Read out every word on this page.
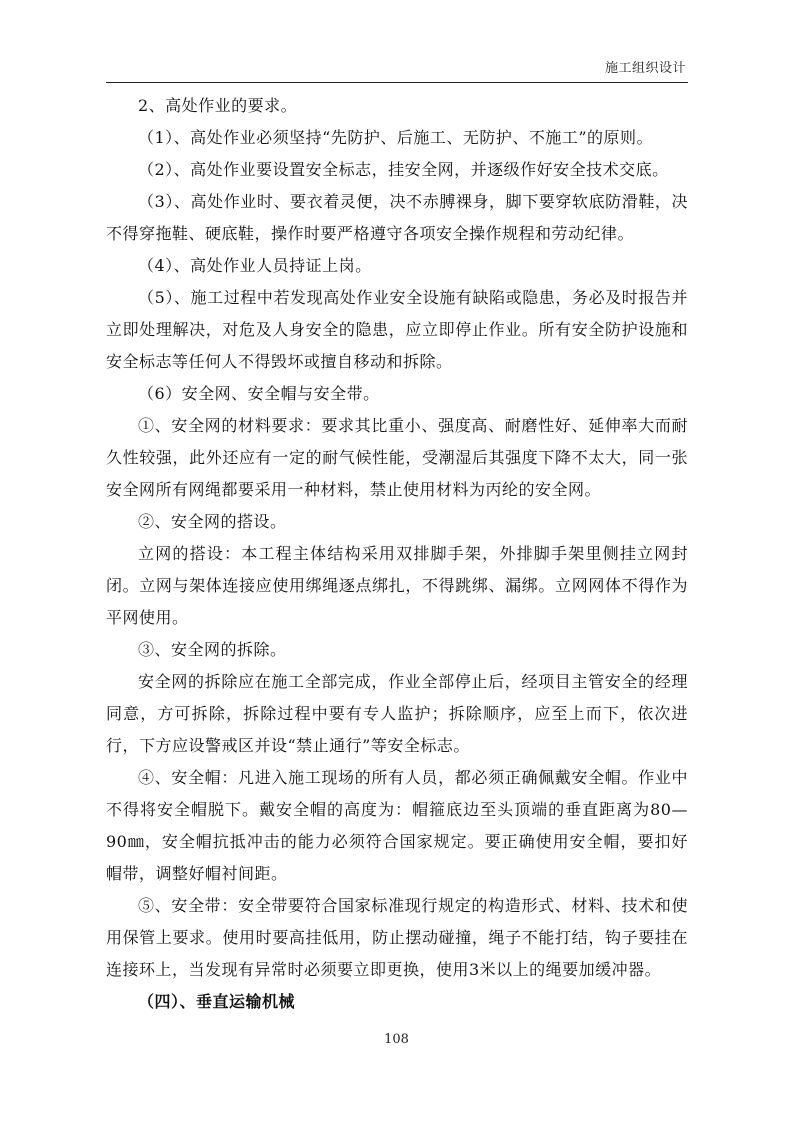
施工组织设计

2、高处作业的要求。

（1）、高处作业必须坚持“先防护、后施工、无防护、不施工”的原则。

（2）、高处作业要设置安全标志，挂安全网，并逐级作好安全技术交底。

（3）、高处作业时、要衣着灵便，决不赤膊裸身，脚下要穿软底防滑鞋，决不得穿拖鞋、硬底鞋，操作时要严格遵守各项安全操作规程和劳动纪律。

（4）、高处作业人员持证上岗。

（5）、施工过程中若发现高处作业安全设施有缺陷或隐患，务必及时报告并立即处理解决，对危及人身安全的隐患，应立即停止作业。所有安全防护设施和安全标志等任何人不得毁坏或擅自移动和拆除。

（6）安全网、安全帽与安全带。

①、安全网的材料要求：要求其比重小、强度高、耐磨性好、延伸率大而耐久性较强，此外还应有一定的耐气候性能，受潮湿后其强度下降不太大，同一张安全网所有网绳都要采用一种材料，禁止使用材料为丙纶的安全网。

②、安全网的搭设。

立网的搭设：本工程主体结构采用双排脚手架，外排脚手架里侧挂立网封闭。立网与架体连接应使用绑绳逐点绑扎，不得跳绑、漏绑。立网网体不得作为平网使用。

③、安全网的拆除。

安全网的拆除应在施工全部完成，作业全部停止后，经项目主管安全的经理同意，方可拆除，拆除过程中要有专人监护；拆除顺序，应至上而下，依次进行，下方应设警戒区并设“禁止通行”等安全标志。

④、安全帽：凡进入施工现场的所有人员，都必须正确佩戴安全帽。作业中不得将安全帽脱下。戴安全帽的高度为：帽箍底边至头顶端的垂直距离为80—90㎜，安全帽抗抵冲击的能力必须符合国家规定。要正确使用安全帽，要扣好帽带，调整好帽衬间距。

⑤、安全带：安全带要符合国家标准现行规定的构造形式、材料、技术和使用保管上要求。使用时要高挂低用，防止摆动碰撞，绳子不能打结，钩子要挂在连接环上，当发现有异常时必须要立即更换，使用3米以上的绳要加缓冲器。

（四）、垂直运输机械

108
